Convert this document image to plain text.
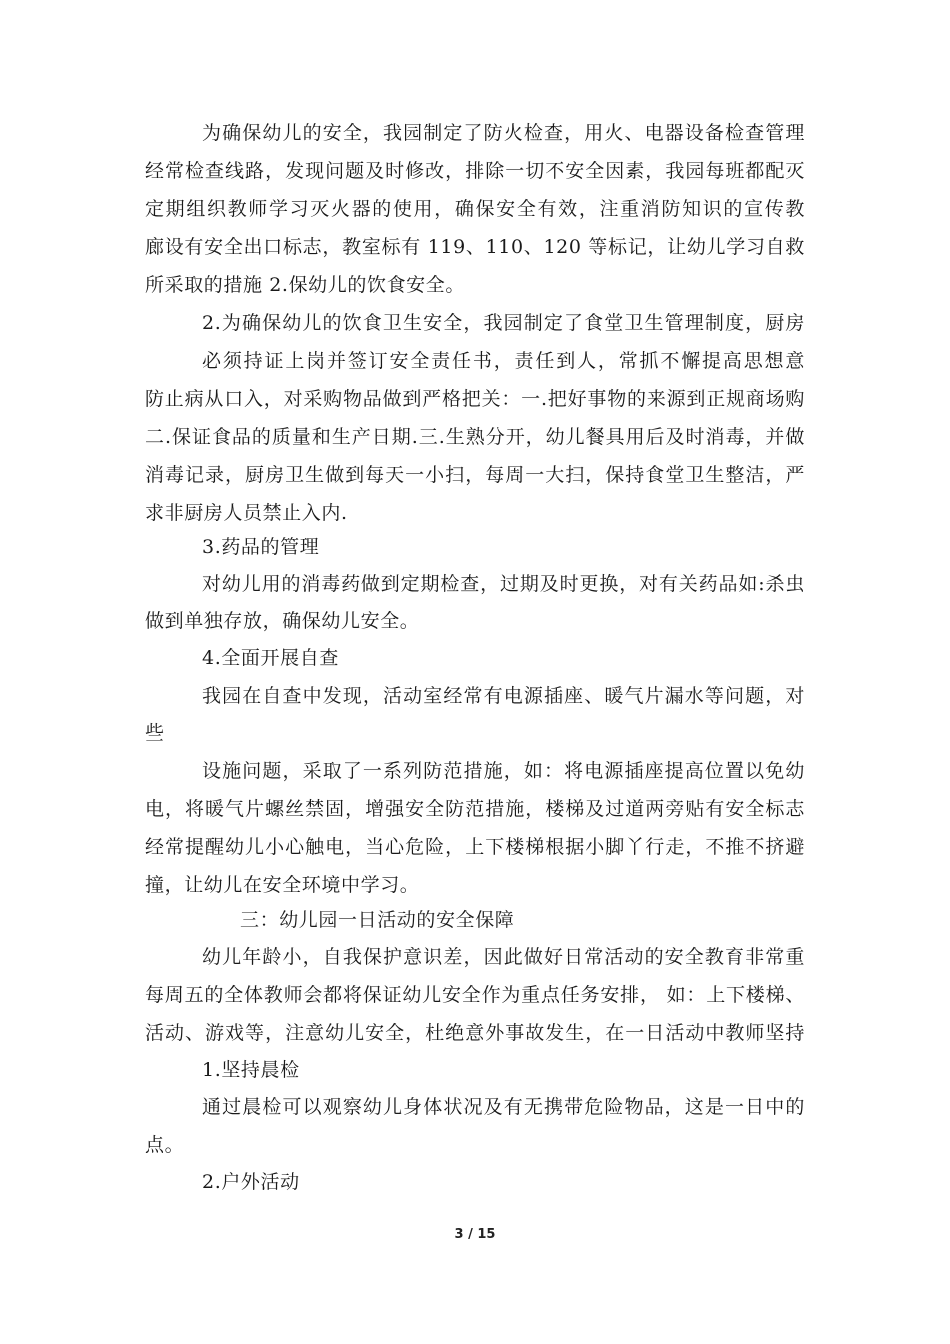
为确保幼儿的安全，我园制定了防火检查，用火、电器设备检查管理
经常检查线路，发现问题及时修改，排除一切不安全因素，我园每班都配灭
定期组织教师学习灭火器的使用，确保安全有效，注重消防知识的宣传教
廊设有安全出口标志，教室标有 119、110、120 等标记，让幼儿学习自救
所采取的措施 2.保幼儿的饮食安全。
2.为确保幼儿的饮食卫生安全，我园制定了食堂卫生管理制度，厨房
必须持证上岗并签订安全责任书，责任到人，常抓不懈提高思想意
防止病从口入，对采购物品做到严格把关：一.把好事物的来源到正规商场购
二.保证食品的质量和生产日期.三.生熟分开，幼儿餐具用后及时消毒，并做
消毒记录，厨房卫生做到每天一小扫，每周一大扫，保持食堂卫生整洁，严
求非厨房人员禁止入内.
3.药品的管理
对幼儿用的消毒药做到定期检查，过期及时更换，对有关药品如:杀虫
做到单独存放，确保幼儿安全。
4.全面开展自查
我园在自查中发现，活动室经常有电源插座、暖气片漏水等问题，对
些
设施问题，采取了一系列防范措施，如：将电源插座提高位置以免幼
电，将暖气片螺丝禁固，增强安全防范措施，楼梯及过道两旁贴有安全标志
经常提醒幼儿小心触电，当心危险，上下楼梯根据小脚丫行走，不推不挤避
撞，让幼儿在安全环境中学习。
三：幼儿园一日活动的安全保障
幼儿年龄小，自我保护意识差，因此做好日常活动的安全教育非常重
每周五的全体教师会都将保证幼儿安全作为重点任务安排， 如：上下楼梯、
活动、游戏等，注意幼儿安全，杜绝意外事故发生，在一日活动中教师坚持
1.坚持晨检
通过晨检可以观察幼儿身体状况及有无携带危险物品，这是一日中的
点。
2.户外活动
3 / 15
